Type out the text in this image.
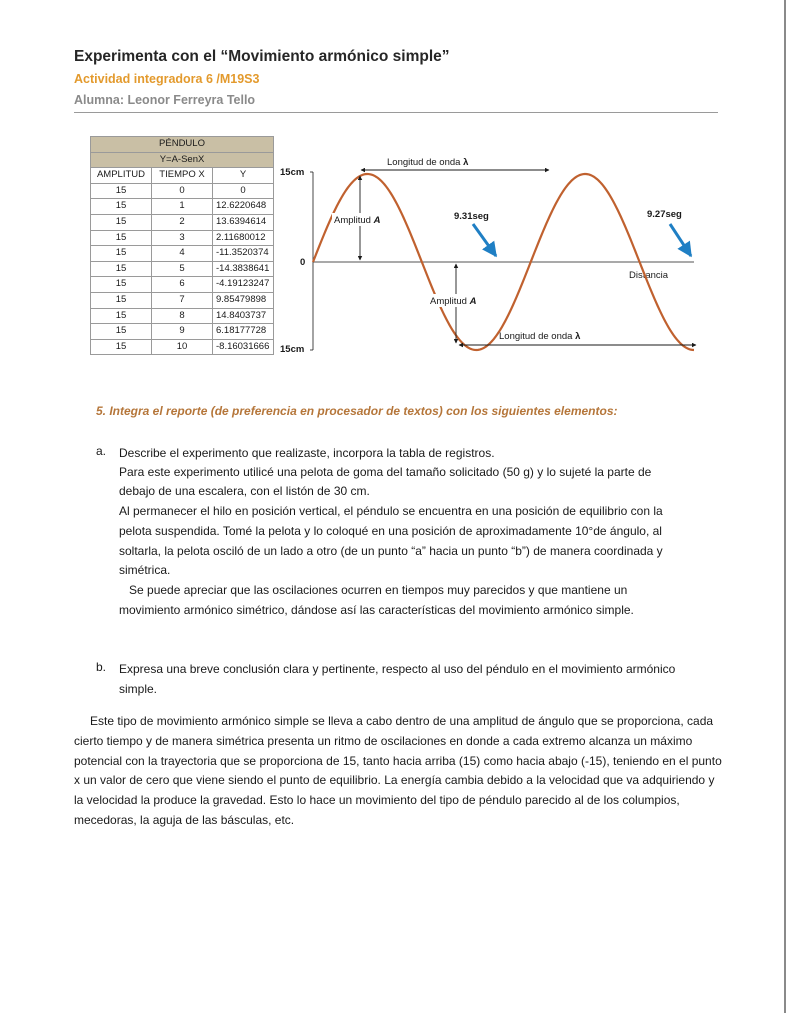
Experimenta con el “Movimiento armónico simple”
Actividad integradora 6 /M19S3
Alumna: Leonor Ferreyra Tello
PÉNDULO		
Y=A-SenX		
AMPLITUD	TIEMPO X	Y
15	0	0
15	1	12.6220648
15	2	13.6394614
15	3	2.11680012
15	4	-11.3520374
15	5	-14.3838641
15	6	-4.19123247
15	7	9.85479898
15	8	14.8403737
15	9	6.18177728
15	10	-8.16031666
15cm
0
15cm
Distancia
Longitud de onda λ
Longitud de onda λ
Amplitud A
Amplitud A
9.31seg	9.27seg
5. Integra el reporte (de preferencia en procesador de textos) con los siguientes elementos:
a. Describe el experimento que realizaste, incorpora la tabla de registros.
Para este experimento utilicé una pelota de goma del tamaño solicitado (50 g) y lo sujeté la parte de
debajo de una escalera, con el listón de 30 cm.
Al permanecer el hilo en posición vertical, el péndulo se encuentra en una posición de equilibrio con la
pelota suspendida. Tomé la pelota y lo coloqué en una posición de aproximadamente 10°de ángulo, al
soltarla, la pelota osciló de un lado a otro (de un punto “a” hacia un punto “b”) de manera coordinada y
simétrica.
Se puede apreciar que las oscilaciones ocurren en tiempos muy parecidos y que mantiene un
movimiento armónico simétrico, dándose así las características del movimiento armónico simple.
b. Expresa una breve conclusión clara y pertinente, respecto al uso del péndulo en el movimiento armónico
simple.
Este tipo de movimiento armónico simple se lleva a cabo dentro de una amplitud de ángulo que se proporciona, cada cierto tiempo y de manera simétrica presenta un ritmo de oscilaciones en donde a cada extremo alcanza un máximo potencial con la trayectoria que se proporciona de 15, tanto hacia arriba (15) como hacia abajo (-15), teniendo en el punto x un valor de cero que viene siendo el punto de equilibrio. La energía cambia debido a la velocidad que va adquiriendo y la velocidad la produce la gravedad. Esto lo hace un movimiento del tipo de péndulo parecido al de los columpios, mecedoras, la aguja de las básculas, etc.
